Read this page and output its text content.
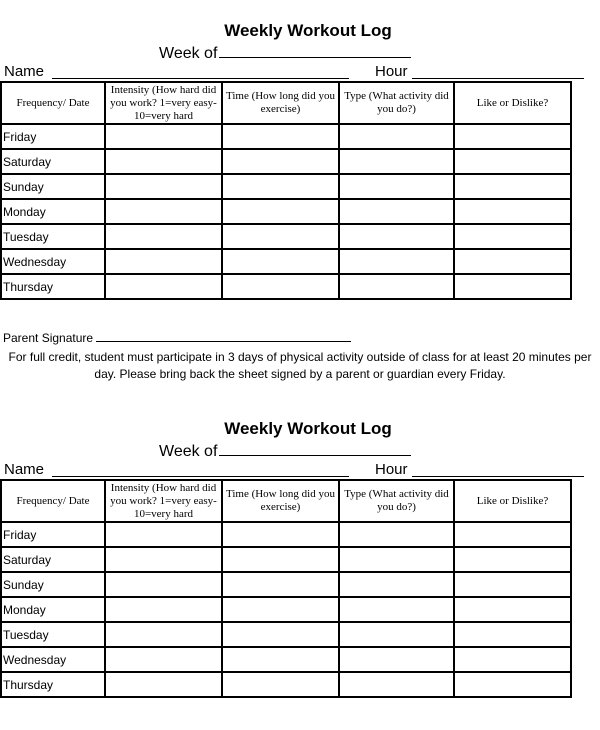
Weekly Workout Log
Week of
Name	Hour
Frequency/ Date	Intensity (How hard did you work? 1=very easy-10=very hard	Time (How long did you exercise)	Type (What activity did you do?)	Like or Dislike?
Friday				
Saturday				
Sunday				
Monday				
Tuesday				
Wednesday				
Thursday				
Parent Signature
For full credit, student must participate in 3 days of physical activity outside of class for at least 20 minutes per day. Please bring back the sheet signed by a parent or guardian every Friday.
Weekly Workout Log
Week of
Name	Hour
Frequency/ Date	Intensity (How hard did you work? 1=very easy-10=very hard	Time (How long did you exercise)	Type (What activity did you do?)	Like or Dislike?
Friday				
Saturday				
Sunday				
Monday				
Tuesday				
Wednesday				
Thursday				
